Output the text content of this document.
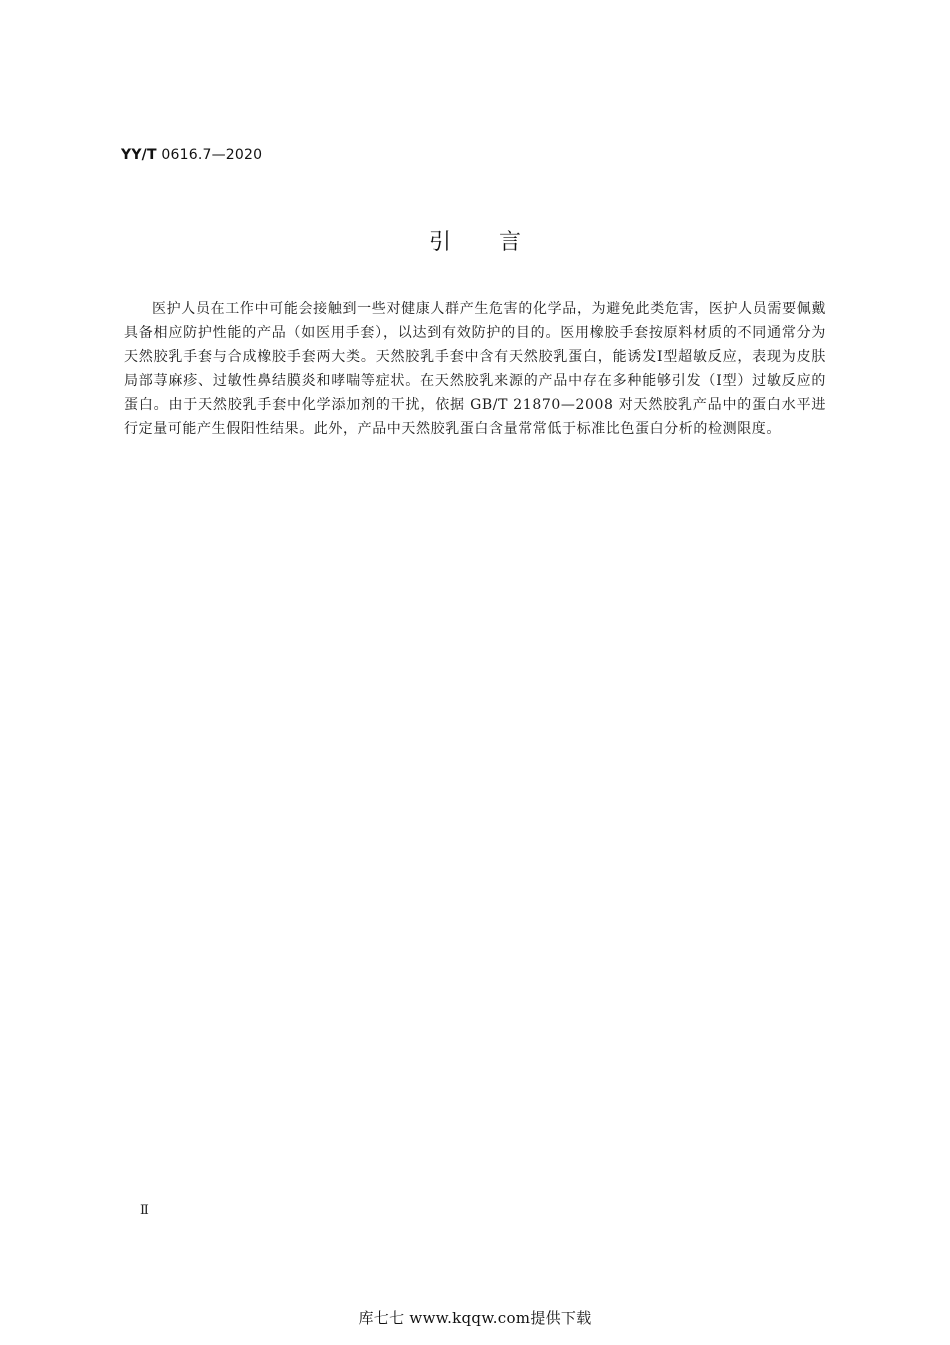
YY/T 0616.7—2020
引言
医护人员在工作中可能会接触到一些对健康人群产生危害的化学品，为避免此类危害，医护人员需要佩戴具备相应防护性能的产品（如医用手套），以达到有效防护的目的。医用橡胶手套按原料材质的不同通常分为天然胶乳手套与合成橡胶手套两大类。天然胶乳手套中含有天然胶乳蛋白，能诱发Ⅰ型超敏反应，表现为皮肤局部荨麻疹、过敏性鼻结膜炎和哮喘等症状。在天然胶乳来源的产品中存在多种能够引发（Ⅰ型）过敏反应的蛋白。由于天然胶乳手套中化学添加剂的干扰，依据 GB/T 21870—2008 对天然胶乳产品中的蛋白水平进行定量可能产生假阳性结果。此外，产品中天然胶乳蛋白含量常常低于标准比色蛋白分析的检测限度。
Ⅱ
库七七 www.kqqw.com提供下载
